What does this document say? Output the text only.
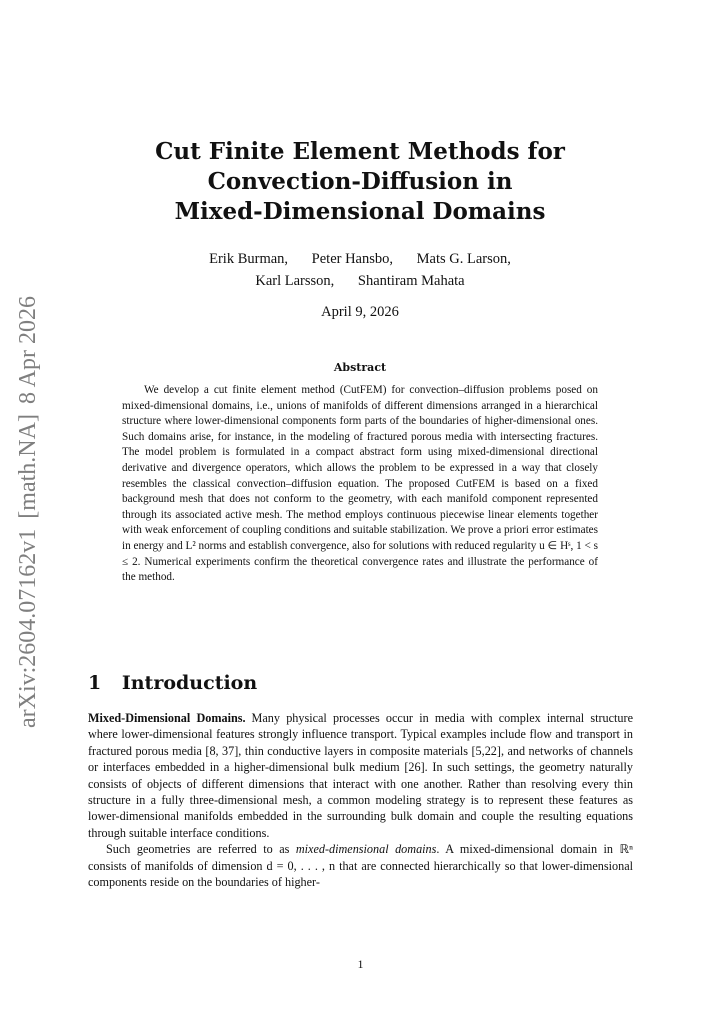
arXiv:2604.07162v1
[math.NA]
8 Apr 2026
Cut Finite Element Methods for
Convection-Diffusion in
Mixed-Dimensional Domains
Erik Burman, Peter Hansbo, Mats G. Larson,
Karl Larsson, Shantiram Mahata
April 9, 2026
Abstract
We develop a cut finite element method (CutFEM) for convection–diffusion problems posed on mixed-dimensional domains, i.e., unions of manifolds of different dimensions arranged in a hierarchical structure where lower-dimensional components form parts of the boundaries of higher-dimensional ones. Such domains arise, for instance, in the modeling of fractured porous media with intersecting fractures. The model problem is formulated in a compact abstract form using mixed-dimensional directional derivative and divergence operators, which allows the problem to be expressed in a way that closely resembles the classical convection–diffusion equation. The proposed CutFEM is based on a fixed background mesh that does not conform to the geometry, with each manifold component represented through its associated active mesh. The method employs continuous piecewise linear elements together with weak enforcement of coupling conditions and suitable stabilization. We prove a priori error estimates in energy and L² norms and establish convergence, also for solutions with reduced regularity u ∈ Hˢ, 1 < s ≤ 2. Numerical experiments confirm the theoretical convergence rates and illustrate the performance of the method.
1 Introduction

Mixed-Dimensional Domains. Many physical processes occur in media with complex internal structure where lower-dimensional features strongly influence transport. Typical examples include flow and transport in fractured porous media [8, 37], thin conductive layers in composite materials [5,22], and networks of channels or interfaces embedded in a higher-dimensional bulk medium [26]. In such settings, the geometry naturally consists of objects of different dimensions that interact with one another. Rather than resolving every thin structure in a fully three-dimensional mesh, a common modeling strategy is to represent these features as lower-dimensional manifolds embedded in the surrounding bulk domain and couple the resulting equations through suitable interface conditions.

Such geometries are referred to as mixed-dimensional domains. A mixed-dimensional domain in ℝⁿ consists of manifolds of dimension d = 0, . . . , n that are connected hierarchically so that lower-dimensional components reside on the boundaries of higher-

1
